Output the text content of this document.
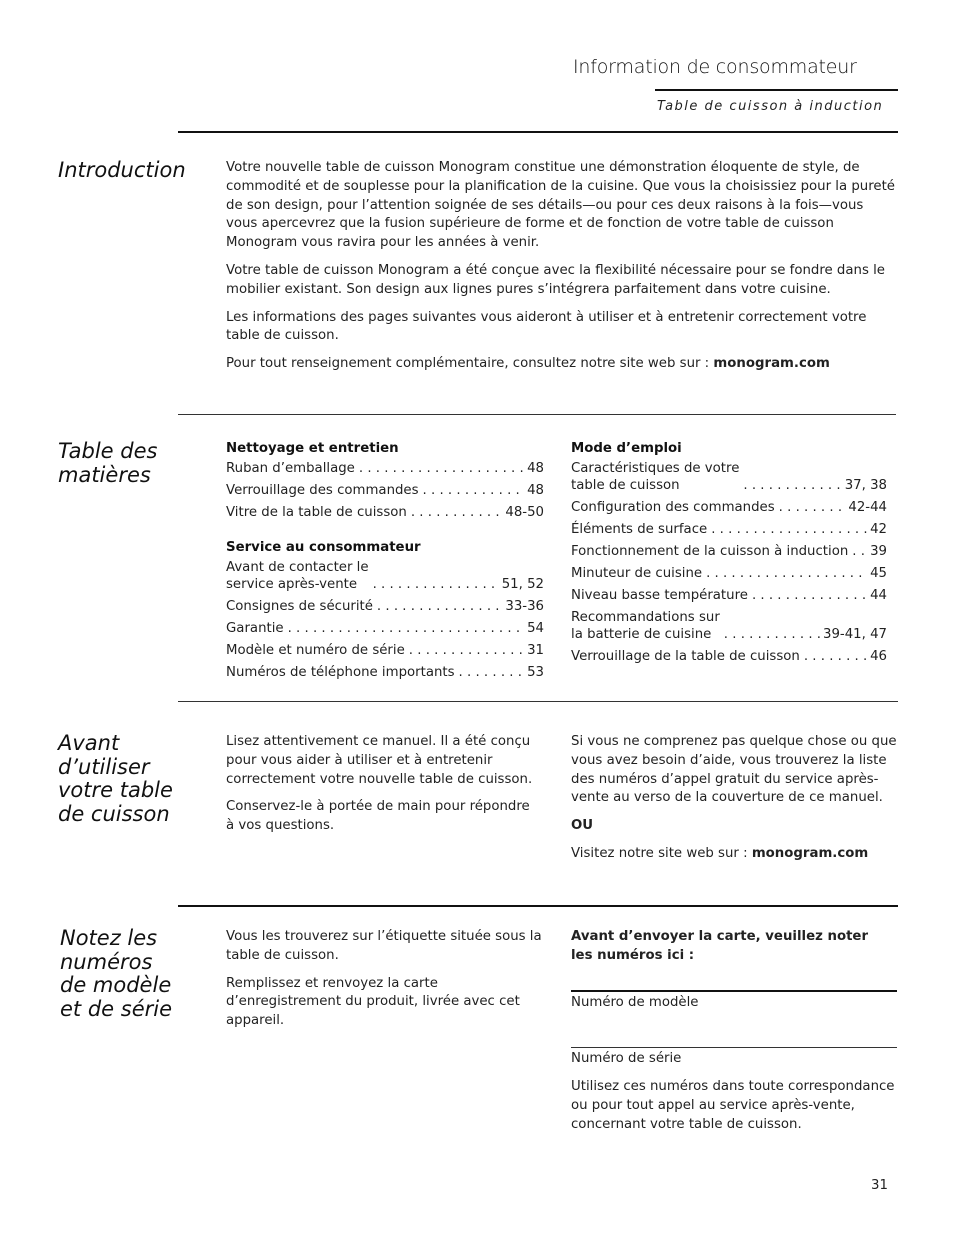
Information de consommateur
Table de cuisson à induction
Introduction	Votre nouvelle table de cuisson Monogram constitue une démonstration éloquente de style, de commodité et de souplesse pour la planification de la cuisine. Que vous la choisissiez pour la pureté de son design, pour l’attention soignée de ses détails—ou pour ces deux raisons à la fois—vous vous apercevrez que la fusion supérieure de forme et de fonction de votre table de cuisson Monogram vous ravira pour les années à venir.

Votre table de cuisson Monogram a été conçue avec la flexibilité nécessaire pour se fondre dans le mobilier existant. Son design aux lignes pures s’intégrera parfaitement dans votre cuisine.

Les informations des pages suivantes vous aideront à utiliser et à entretenir correctement votre table de cuisson.

Pour tout renseignement complémentaire, consultez notre site web sur : monogram.com

Table des matières
Nettoyage et entretien
Ruban d’emballage . . .	48
Verrouillage des commandes . . .	48
Vitre de la table de cuisson . . .	48-50
Service au consommateur
Avant de contacter le
service après-vente . . .	51, 52
Consignes de sécurité . . .	33-36
Garantie . . .	54
Modèle et numéro de série . . .	31
Numéros de téléphone importants . . .	53
Mode d’emploi
Caractéristiques de votre
table de cuisson . . .	37, 38
Configuration des commandes . . .	42-44
Éléments de surface . . .	42
Fonctionnement de la cuisson à induction . . . 39
Minuteur de cuisine . . .	45
Niveau basse température . . .	44
Recommandations sur
la batterie de cuisine . . .	39-41, 47
Verrouillage de la table de cuisson . . .	46
Avant d’utiliser votre table de cuisson

Lisez attentivement ce manuel. Il a été conçu pour vous aider à utiliser et à entretenir correctement votre nouvelle table de cuisson.

Conservez-le à portée de main pour répondre à vos questions.

Si vous ne comprenez pas quelque chose ou que vous avez besoin d’aide, vous trouverez la liste des numéros d’appel gratuit du service après-vente au verso de la couverture de ce manuel.

OU

Visitez notre site web sur : monogram.com

Notez les numéros de modèle et de série

Vous les trouverez sur l’étiquette située sous la table de cuisson.

Remplissez et renvoyez la carte d’enregistrement du produit, livrée avec cet appareil.

Avant d’envoyer la carte, veuillez noter les numéros ici :
Numéro de modèle
Numéro de série
Utilisez ces numéros dans toute correspondance ou pour tout appel au service après-vente, concernant votre table de cuisson.
31
